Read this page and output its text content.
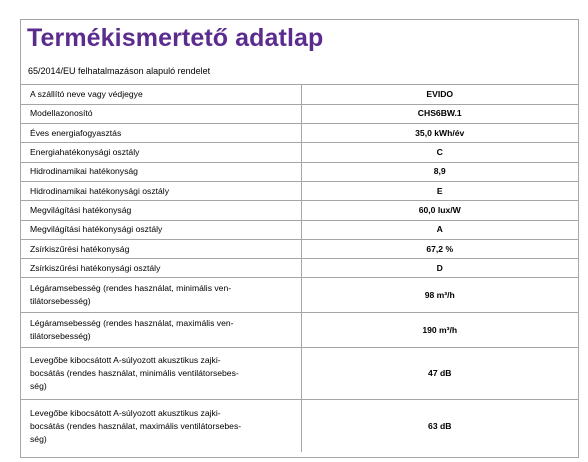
Termékismertető adatlap
65/2014/EU felhatalmazáson alapuló rendelet
A szállító neve vagy védjegye	EVIDO

Modellazonosító	CHS6BW.1

Éves energiafogyasztás	35,0 kWh/év

Energiahatékonysági osztály	C

Hidrodinamikai hatékonyság	8,9

Hidrodinamikai hatékonysági osztály	E

Megvilágítási hatékonyság	60,0 lux/W

Megvilágítási hatékonysági osztály	A

Zsírkiszűrési hatékonyság	67,2 %

Zsírkiszűrési hatékonysági osztály	D

Légáramsebesség (rendes használat, minimális ven-
tilátorsebesség)	98 m³/h

Légáramsebesség (rendes használat, maximális ven-
tilátorsebesség)	190 m³/h

Levegőbe kibocsátott A-súlyozott akusztikus zajki-
bocsátás (rendes használat, minimális ventilátorsebes-
ség)	47 dB

Levegőbe kibocsátott A-súlyozott akusztikus zajki-
bocsátás (rendes használat, maximális ventilátorsebes-
ség)	63 dB
